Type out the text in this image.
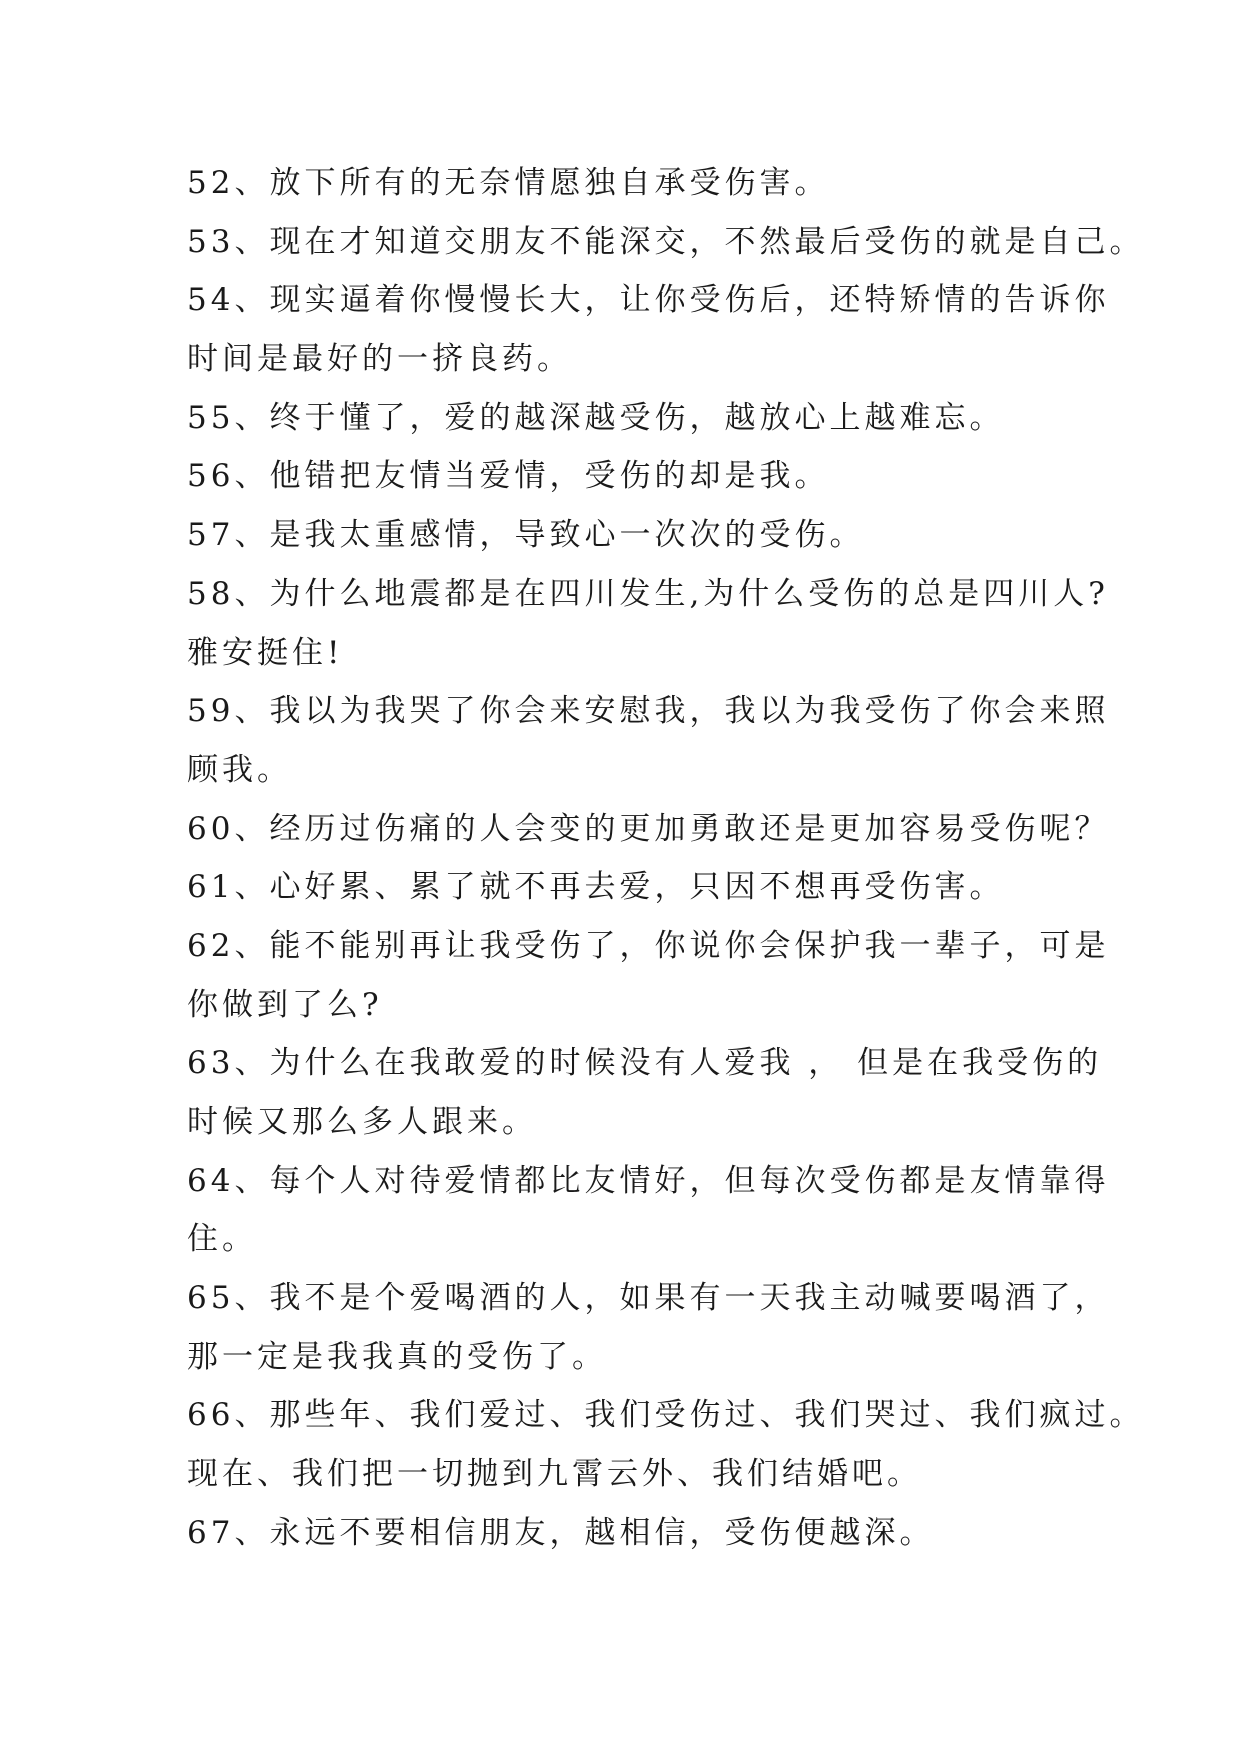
52、放下所有的无奈情愿独自承受伤害。
53、现在才知道交朋友不能深交，不然最后受伤的就是自己。
54、现实逼着你慢慢长大，让你受伤后，还特矫情的告诉你
时间是最好的一挤良药。
55、终于懂了，爱的越深越受伤，越放心上越难忘。
56、他错把友情当爱情，受伤的却是我。
57、是我太重感情，导致心一次次的受伤。
58、为什么地震都是在四川发生,为什么受伤的总是四川人?
雅安挺住!
59、我以为我哭了你会来安慰我，我以为我受伤了你会来照
顾我。
60、经历过伤痛的人会变的更加勇敢还是更加容易受伤呢？
61、心好累、累了就不再去爱，只因不想再受伤害。
62、能不能别再让我受伤了，你说你会保护我一辈子，可是
你做到了么?
63、为什么在我敢爱的时候没有人爱我 ， 但是在我受伤的
时候又那么多人跟来。
64、每个人对待爱情都比友情好，但每次受伤都是友情靠得
住。
65、我不是个爱喝酒的人，如果有一天我主动喊要喝酒了，
那一定是我我真的受伤了。
66、那些年、我们爱过、我们受伤过、我们哭过、我们疯过。
现在、我们把一切抛到九霄云外、我们结婚吧。
67、永远不要相信朋友，越相信，受伤便越深。
